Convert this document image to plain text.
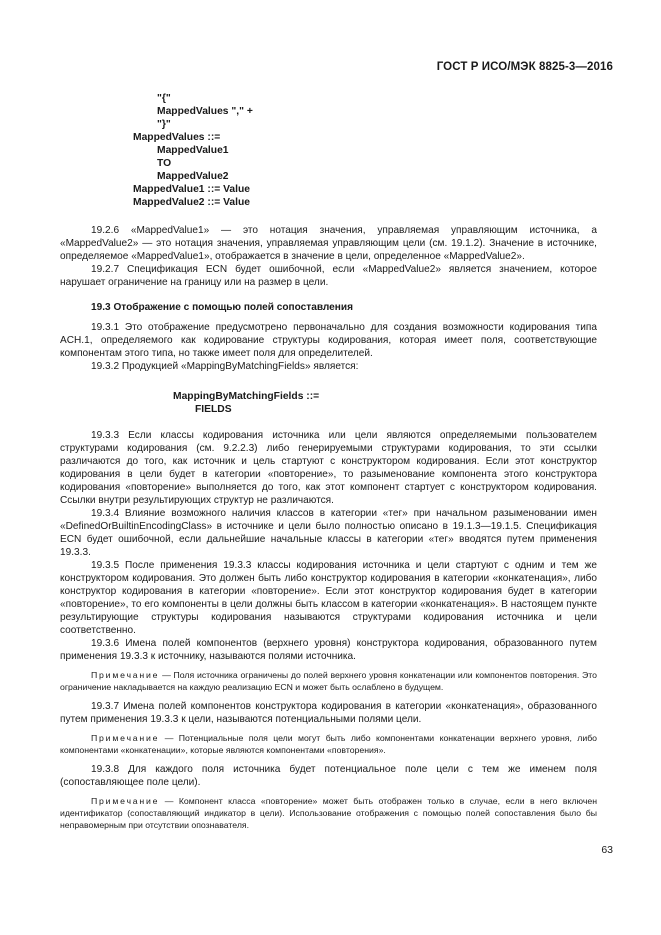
ГОСТ Р ИСО/МЭК 8825-3—2016
"{"
MappedValues "," +
"}"
MappedValues ::=
MappedValue1
TO
MappedValue2
MappedValue1 ::= Value
MappedValue2 ::= Value

19.2.6 «MappedValue1» — это нотация значения, управляемая управляющим источника, а «MappedValue2» — это нотация значения, управляемая управляющим цели (см. 19.1.2). Значение в источнике, определяемое «MappedValue1», отображается в значение в цели, определенное «MappedValue2».

19.2.7 Спецификация ECN будет ошибочной, если «MappedValue2» является значением, которое нарушает ограничение на границу или на размер в цели.

19.3 Отображение с помощью полей сопоставления

19.3.1 Это отображение предусмотрено первоначально для создания возможности кодирования типа ACH.1, определяемого как кодирование структуры кодирования, которая имеет поля, соответствующие компонентам этого типа, но также имеет поля для определителей.

19.3.2 Продукцией «MappingByMatchingFields» является:

MappingByMatchingFields ::=
FIELDS

19.3.3 Если классы кодирования источника или цели являются определяемыми пользователем структурами кодирования (см. 9.2.2.3) либо генерируемыми структурами кодирования, то эти ссылки различаются до того, как источник и цель стартуют с конструктором кодирования. Если этот конструктор кодирования в цели будет в категории «повторение», то разыменование компонента этого конструктора кодирования «повторение» выполняется до того, как этот компонент стартует с конструктором кодирования. Ссылки внутри результирующих структур не различаются.

19.3.4 Влияние возможного наличия классов в категории «тег» при начальном разыменовании имен «DefinedOrBuiltinEncodingClass» в источнике и цели было полностью описано в 19.1.3—19.1.5. Спецификация ECN будет ошибочной, если дальнейшие начальные классы в категории «тег» вводятся путем применения 19.3.3.

19.3.5 После применения 19.3.3 классы кодирования источника и цели стартуют с одним и тем же конструктором кодирования. Это должен быть либо конструктор кодирования в категории «конкатенация», либо конструктор кодирования в категории «повторение». Если этот конструктор кодирования будет в категории «повторение», то его компоненты в цели должны быть классом в категории «конкатенация». В настоящем пункте результирующие структуры кодирования называются структурами кодирования источника и цели соответственно.

19.3.6 Имена полей компонентов (верхнего уровня) конструктора кодирования, образованного путем применения 19.3.3 к источнику, называются полями источника.

Примечание — Поля источника ограничены до полей верхнего уровня конкатенации или компонентов повторения. Это ограничение накладывается на каждую реализацию ECN и может быть ослаблено в будущем.

19.3.7 Имена полей компонентов конструктора кодирования в категории «конкатенация», образованного путем применения 19.3.3 к цели, называются потенциальными полями цели.

Примечание — Потенциальные поля цели могут быть либо компонентами конкатенации верхнего уровня, либо компонентами «конкатенации», которые являются компонентами «повторения».

19.3.8 Для каждого поля источника будет потенциальное поле цели с тем же именем поля (сопоставляющее поле цели).

Примечание — Компонент класса «повторение» может быть отображен только в случае, если в него включен идентификатор (сопоставляющий индикатор в цели). Использование отображения с помощью полей сопоставления было бы неправомерным при отсутствии опознавателя.

63
